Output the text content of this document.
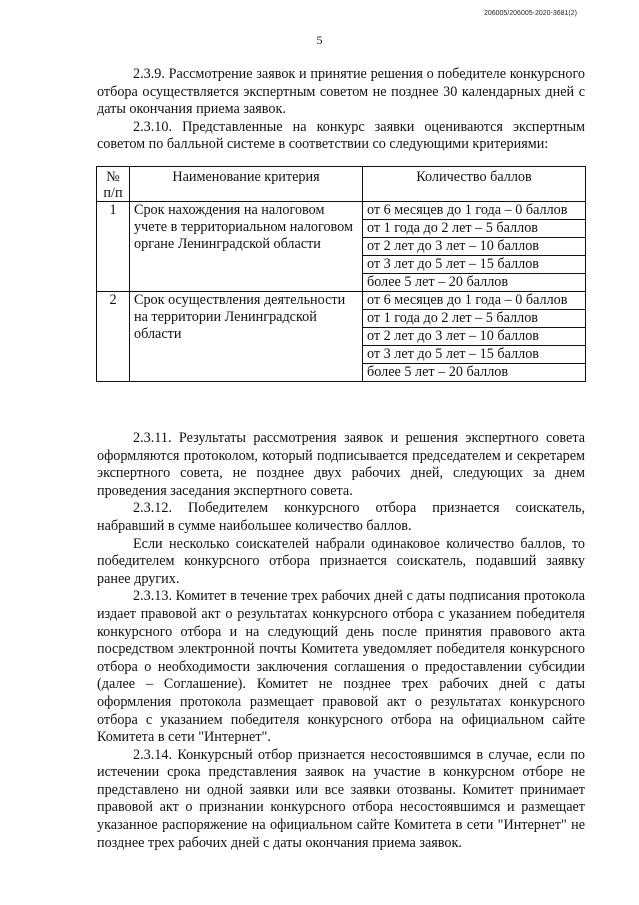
206005/206005-2020-3681(2)
5

2.3.9. Рассмотрение заявок и принятие решения о победителе конкурсного отбора осуществляется экспертным советом не позднее 30 календарных дней с даты окончания приема заявок.

2.3.10. Представленные на конкурс заявки оцениваются экспертным советом по балльной системе в соответствии со следующими критериями:

№ п/п	Наименование критерия	Количество баллов
1	Срок нахождения на налоговом учете в территориальном налоговом органе Ленинградской области	от 6 месяцев до 1 года – 0 баллов
		от 1 года до 2 лет – 5 баллов
		от 2 лет до 3 лет – 10 баллов
		от 3 лет до 5 лет – 15 баллов
		более 5 лет – 20 баллов
2	Срок осуществления деятельности на территории Ленинградской области	от 6 месяцев до 1 года – 0 баллов
		от 1 года до 2 лет – 5 баллов
		от 2 лет до 3 лет – 10 баллов
		от 3 лет до 5 лет – 15 баллов
		более 5 лет – 20 баллов

2.3.11. Результаты рассмотрения заявок и решения экспертного совета оформляются протоколом, который подписывается председателем и секретарем экспертного совета, не позднее двух рабочих дней, следующих за днем проведения заседания экспертного совета.

2.3.12. Победителем конкурсного отбора признается соискатель, набравший в сумме наибольшее количество баллов.

Если несколько соискателей набрали одинаковое количество баллов, то победителем конкурсного отбора признается соискатель, подавший заявку ранее других.

2.3.13. Комитет в течение трех рабочих дней с даты подписания протокола издает правовой акт о результатах конкурсного отбора с указанием победителя конкурсного отбора и на следующий день после принятия правового акта посредством электронной почты Комитета уведомляет победителя конкурсного отбора о необходимости заключения соглашения о предоставлении субсидии (далее – Соглашение). Комитет не позднее трех рабочих дней с даты оформления протокола размещает правовой акт о результатах конкурсного отбора с указанием победителя конкурсного отбора на официальном сайте Комитета в сети "Интернет".

2.3.14. Конкурсный отбор признается несостоявшимся в случае, если по истечении срока представления заявок на участие в конкурсном отборе не представлено ни одной заявки или все заявки отозваны. Комитет принимает правовой акт о признании конкурсного отбора несостоявшимся и размещает указанное распоряжение на официальном сайте Комитета в сети "Интернет" не позднее трех рабочих дней с даты окончания приема заявок.
